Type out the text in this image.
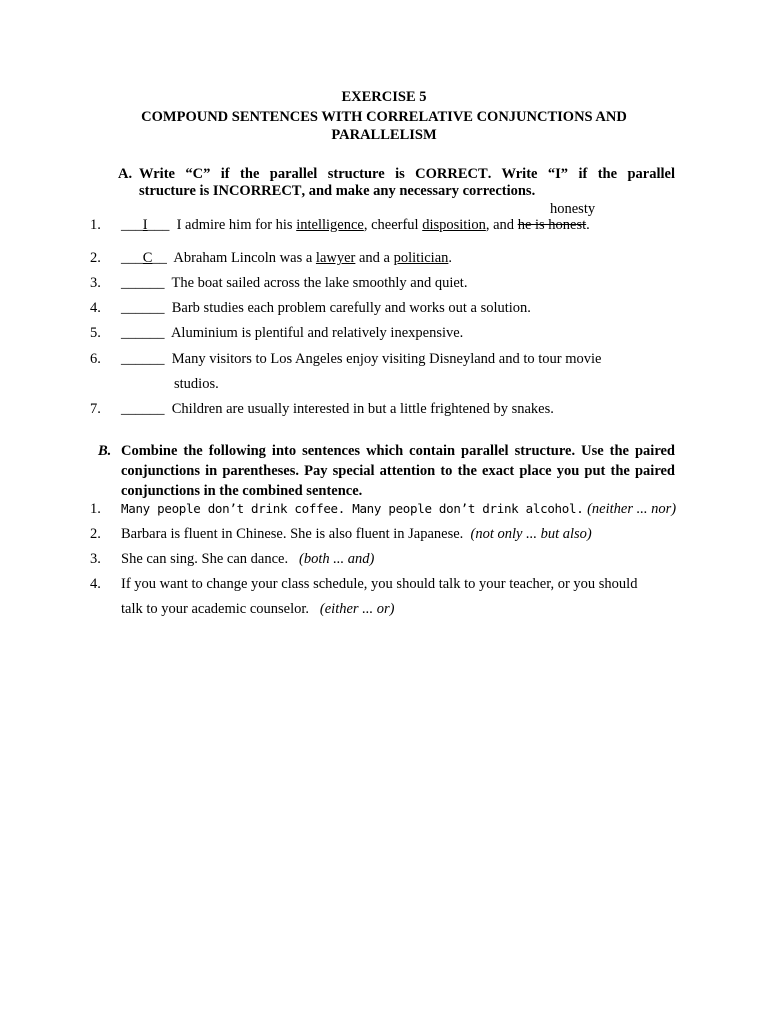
EXERCISE 5
COMPOUND SENTENCES WITH CORRELATIVE CONJUNCTIONS AND
PARALLELISM
A. Write “C” if the parallel structure is CORRECT. Write “I” if the parallel
structure is INCORRECT, and make any necessary corrections.
honesty
1. ___I___ I admire him for his intelligence, cheerful disposition, and he is honest.
2. ___C__ Abraham Lincoln was a lawyer and a politician.
3. ______ The boat sailed across the lake smoothly and quiet.
4. ______ Barb studies each problem carefully and works out a solution.
5. ______ Aluminium is plentiful and relatively inexpensive.
6. ______ Many visitors to Los Angeles enjoy visiting Disneyland and to tour movie
studios.
7. ______ Children are usually interested in but a little frightened by snakes.
B. Combine the following into sentences which contain parallel structure. Use the paired conjunctions in parentheses. Pay special attention to the exact place you put the paired conjunctions in the combined sentence.
1. Many people don’t drink coffee. Many people don’t drink alcohol. (neither ... nor)
2. Barbara is fluent in Chinese. She is also fluent in Japanese. (not only ... but also)
3. She can sing. She can dance. (both ... and)
4. If you want to change your class schedule, you should talk to your teacher, or you should
talk to your academic counselor. (either ... or)
